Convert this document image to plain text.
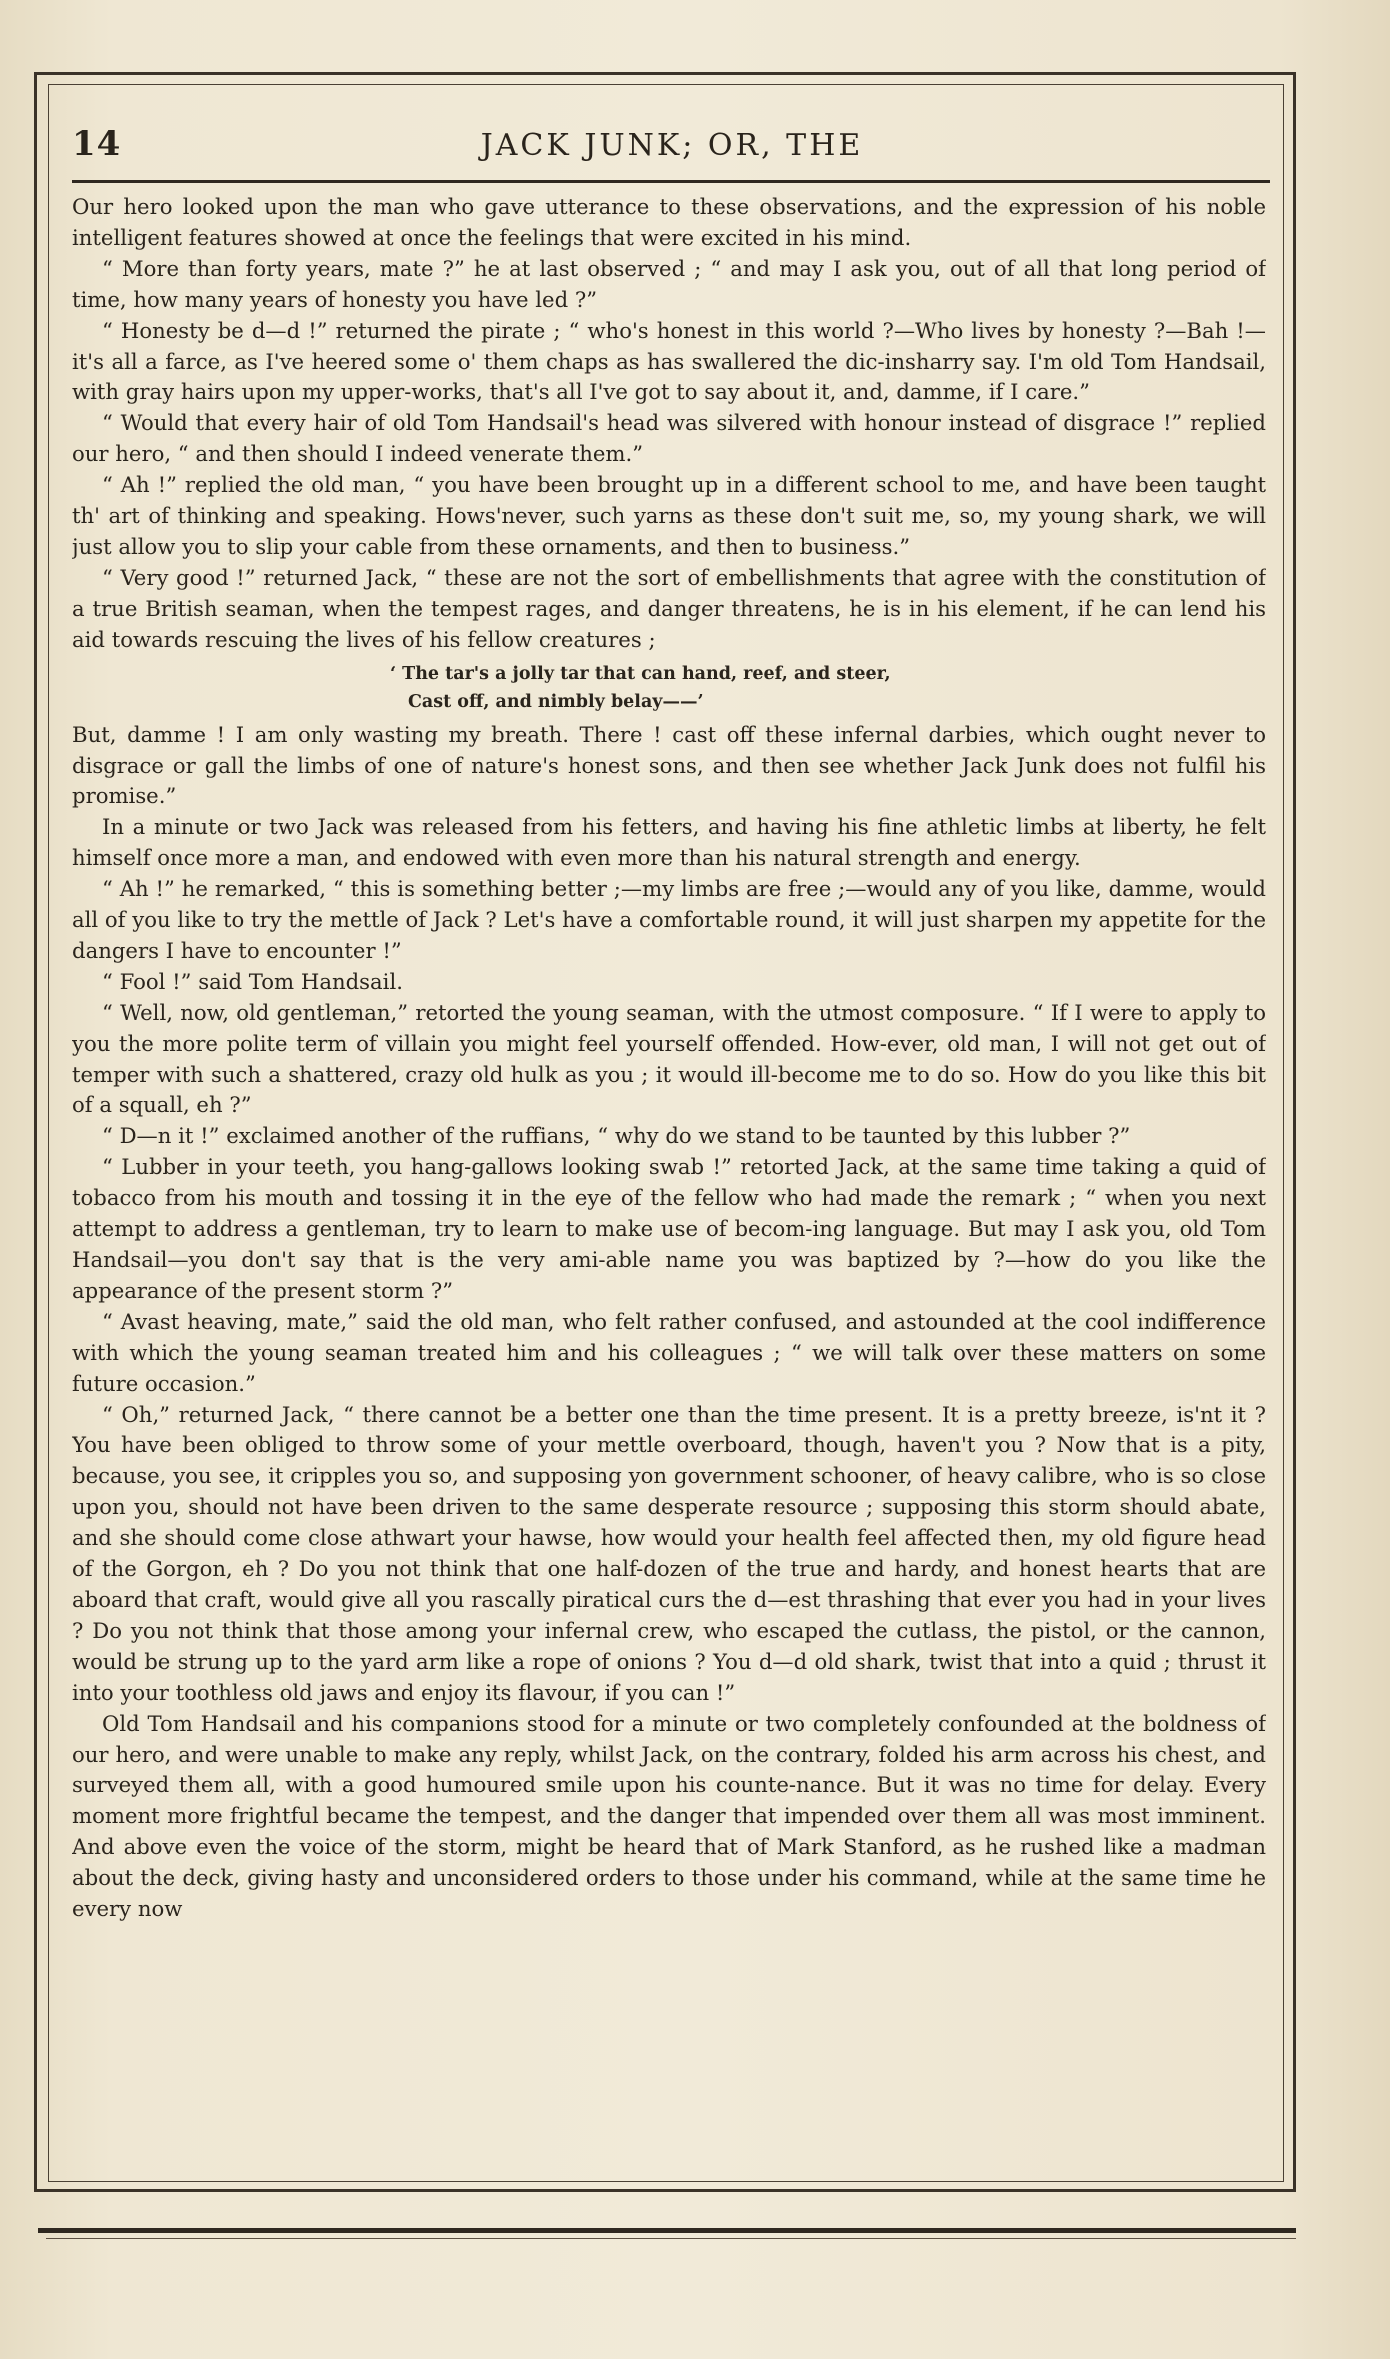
14	JACK JUNK; OR, THE

Our hero looked upon the man who gave utterance to these observations, and the expression of his noble intelligent features showed at once the feelings that were excited in his mind.

“ More than forty years, mate ?” he at last observed ; “ and may I ask you, out of all that long period of time, how many years of honesty you have led ?”

“ Honesty be d—d !” returned the pirate ; “ who's honest in this world ?—Who lives by honesty ?—Bah !—it's all a farce, as I've heered some o' them chaps as has swallered the dic-insharry say. I'm old Tom Handsail, with gray hairs upon my upper-works, that's all I've got to say about it, and, damme, if I care.”

“ Would that every hair of old Tom Handsail's head was silvered with honour instead of disgrace !” replied our hero, “ and then should I indeed venerate them.”

“ Ah !” replied the old man, “ you have been brought up in a different school to me, and have been taught th' art of thinking and speaking. Hows'never, such yarns as these don't suit me, so, my young shark, we will just allow you to slip your cable from these ornaments, and then to business.”

“ Very good !” returned Jack, “ these are not the sort of embellishments that agree with the constitution of a true British seaman, when the tempest rages, and danger threatens, he is in his element, if he can lend his aid towards rescuing the lives of his fellow creatures ;

‘ The tar's a jolly tar that can hand, reef, and steer,
Cast off, and nimbly belay——’

But, damme ! I am only wasting my breath. There ! cast off these infernal darbies, which ought never to disgrace or gall the limbs of one of nature's honest sons, and then see whether Jack Junk does not fulfil his promise.”

In a minute or two Jack was released from his fetters, and having his fine athletic limbs at liberty, he felt himself once more a man, and endowed with even more than his natural strength and energy.

“ Ah !” he remarked, “ this is something better ;—my limbs are free ;—would any of you like, damme, would all of you like to try the mettle of Jack ? Let's have a comfortable round, it will just sharpen my appetite for the dangers I have to encounter !”

“ Fool !” said Tom Handsail.

“ Well, now, old gentleman,” retorted the young seaman, with the utmost composure. “ If I were to apply to you the more polite term of villain you might feel yourself offended. How-ever, old man, I will not get out of temper with such a shattered, crazy old hulk as you ; it would ill-become me to do so. How do you like this bit of a squall, eh ?”

“ D—n it !” exclaimed another of the ruffians, “ why do we stand to be taunted by this lubber ?”

“ Lubber in your teeth, you hang-gallows looking swab !” retorted Jack, at the same time taking a quid of tobacco from his mouth and tossing it in the eye of the fellow who had made the remark ; “ when you next attempt to address a gentleman, try to learn to make use of becom-ing language. But may I ask you, old Tom Handsail—you don't say that is the very ami-able name you was baptized by ?—how do you like the appearance of the present storm ?”

“ Avast heaving, mate,” said the old man, who felt rather confused, and astounded at the cool indifference with which the young seaman treated him and his colleagues ; “ we will talk over these matters on some future occasion.”

“ Oh,” returned Jack, “ there cannot be a better one than the time present. It is a pretty breeze, is'nt it ? You have been obliged to throw some of your mettle overboard, though, haven't you ? Now that is a pity, because, you see, it cripples you so, and supposing yon government schooner, of heavy calibre, who is so close upon you, should not have been driven to the same desperate resource ; supposing this storm should abate, and she should come close athwart your hawse, how would your health feel affected then, my old figure head of the Gorgon, eh ? Do you not think that one half-dozen of the true and hardy, and honest hearts that are aboard that craft, would give all you rascally piratical curs the d—est thrashing that ever you had in your lives ? Do you not think that those among your infernal crew, who escaped the cutlass, the pistol, or the cannon, would be strung up to the yard arm like a rope of onions ? You d—d old shark, twist that into a quid ; thrust it into your toothless old jaws and enjoy its flavour, if you can !”

Old Tom Handsail and his companions stood for a minute or two completely confounded at the boldness of our hero, and were unable to make any reply, whilst Jack, on the contrary, folded his arm across his chest, and surveyed them all, with a good humoured smile upon his counte-nance. But it was no time for delay. Every moment more frightful became the tempest, and the danger that impended over them all was most imminent. And above even the voice of the storm, might be heard that of Mark Stanford, as he rushed like a madman about the deck, giving hasty and unconsidered orders to those under his command, while at the same time he every now
